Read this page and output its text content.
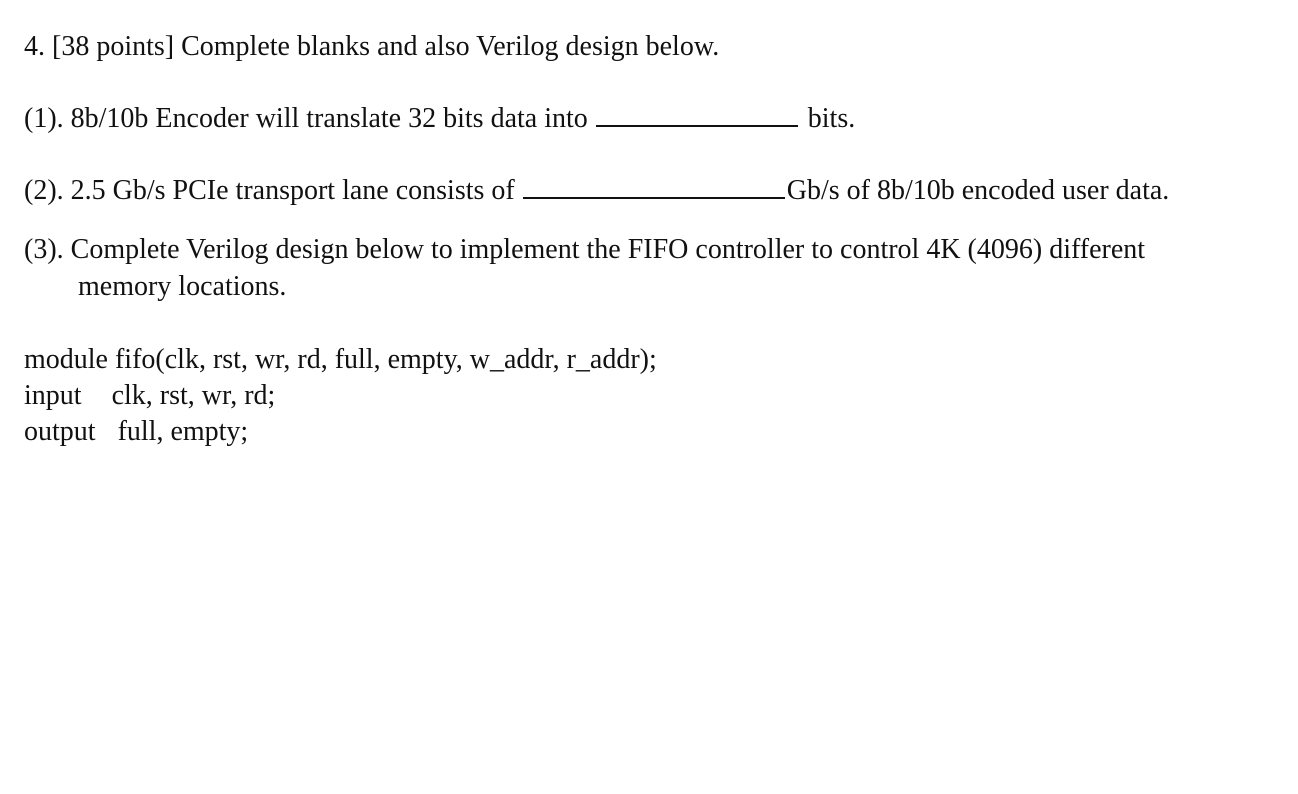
4. [38 points] Complete blanks and also Verilog design below.
(1). 8b/10b Encoder will translate 32 bits data into	bits.
(2). 2.5 Gb/s PCIe transport lane consists of	Gb/s of 8b/10b encoded user data.
(3). Complete Verilog design below to implement the FIFO controller to control 4K (4096) different
memory locations.
module fifo(clk, rst, wr, rd, full, empty, w_addr, r_addr);
input clk, rst, wr, rd;
output full, empty;
